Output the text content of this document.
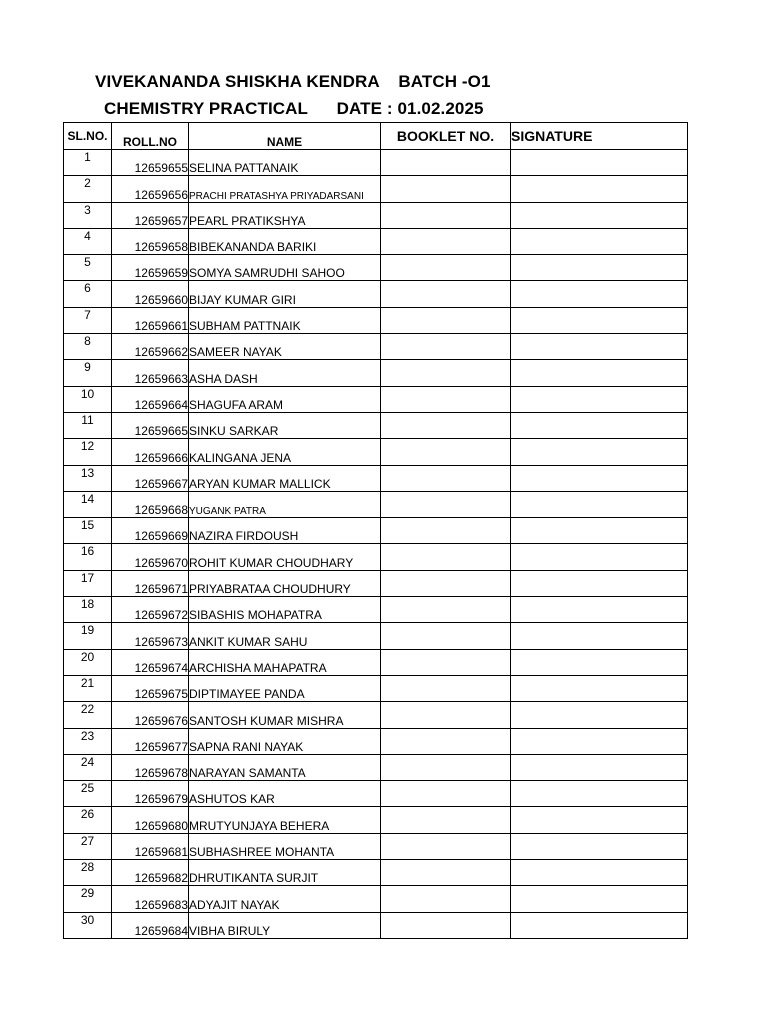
VIVEKANANDA SHISKHA KENDRA    BATCH -O1
CHEMISTRY PRACTICAL      DATE : 01.02.2025
SL.NO.	ROLL.NO	NAME	BOOKLET NO.	SIGNATURE
1	12659655	SELINA PATTANAIK		
2	12659656	PRACHI PRATASHYA PRIYADARSANI		
3	12659657	PEARL PRATIKSHYA		
4	12659658	BIBEKANANDA BARIKI		
5	12659659	SOMYA SAMRUDHI SAHOO		
6	12659660	BIJAY KUMAR GIRI		
7	12659661	SUBHAM PATTNAIK		
8	12659662	SAMEER NAYAK		
9	12659663	ASHA DASH		
10	12659664	SHAGUFA ARAM		
11	12659665	SINKU SARKAR		
12	12659666	KALINGANA JENA		
13	12659667	ARYAN KUMAR MALLICK		
14	12659668	YUGANK PATRA		
15	12659669	NAZIRA FIRDOUSH		
16	12659670	ROHIT KUMAR CHOUDHARY		
17	12659671	PRIYABRATAA CHOUDHURY		
18	12659672	SIBASHIS MOHAPATRA		
19	12659673	ANKIT KUMAR SAHU		
20	12659674	ARCHISHA MAHAPATRA		
21	12659675	DIPTIMAYEE PANDA		
22	12659676	SANTOSH KUMAR MISHRA		
23	12659677	SAPNA RANI NAYAK		
24	12659678	NARAYAN SAMANTA		
25	12659679	ASHUTOS KAR		
26	12659680	MRUTYUNJAYA BEHERA		
27	12659681	SUBHASHREE MOHANTA		
28	12659682	DHRUTIKANTA SURJIT		
29	12659683	ADYAJIT NAYAK		
30	12659684	VIBHA BIRULY		
